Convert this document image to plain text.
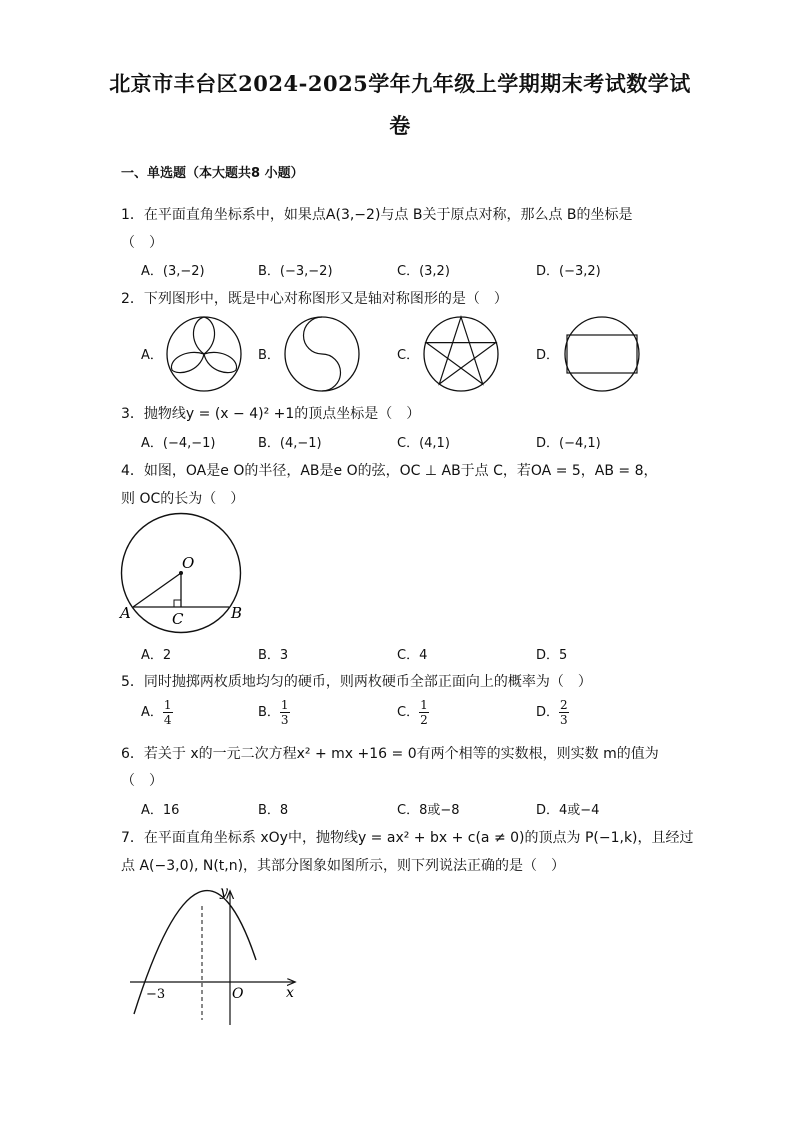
北京市丰台区2024-2025学年九年级上学期期末考试数学试
卷
一、单选题（本大题共8 小题）
1．在平面直角坐标系中，如果点A(3,−2)与点 B关于原点对称，那么点 B的坐标是
（　）
A．(3,−2)	B．(−3,−2)	C．(3,2)	D．(−3,2)
2．下列图形中，既是中心对称图形又是轴对称图形的是（　）
A．	B．	C．	D．
3．抛物线y = (x − 4)² +1的顶点坐标是（　）
A．(−4,−1)	B．(4,−1)	C．(4,1)	D．(−4,1)
4．如图，OA是e O的半径，AB是e O的弦，OC ⊥ AB于点 C，若OA = 5，AB = 8，
则 OC的长为（　）
O
A	B
C
A．2	B．3	C．4	D．5
5．同时抛掷两枚质地均匀的硬币，则两枚硬币全部正面向上的概率为（　）
A． $\frac{1}{4}$	B． $\frac{1}{3}$	C． $\frac{1}{2}$	D． $\frac{2}{3}$
6．若关于 x的一元二次方程x² + mx +16 = 0有两个相等的实数根，则实数 m的值为
（　）
A．16	B．8	C．8或−8	D．4或−4
7．在平面直角坐标系 xOy中，抛物线y = ax² + bx + c(a ≠ 0)的顶点为 P(−1,k)，且经过
点 A(−3,0), N(t,n)，其部分图象如图所示，则下列说法正确的是（　）
y
x
O
−3
